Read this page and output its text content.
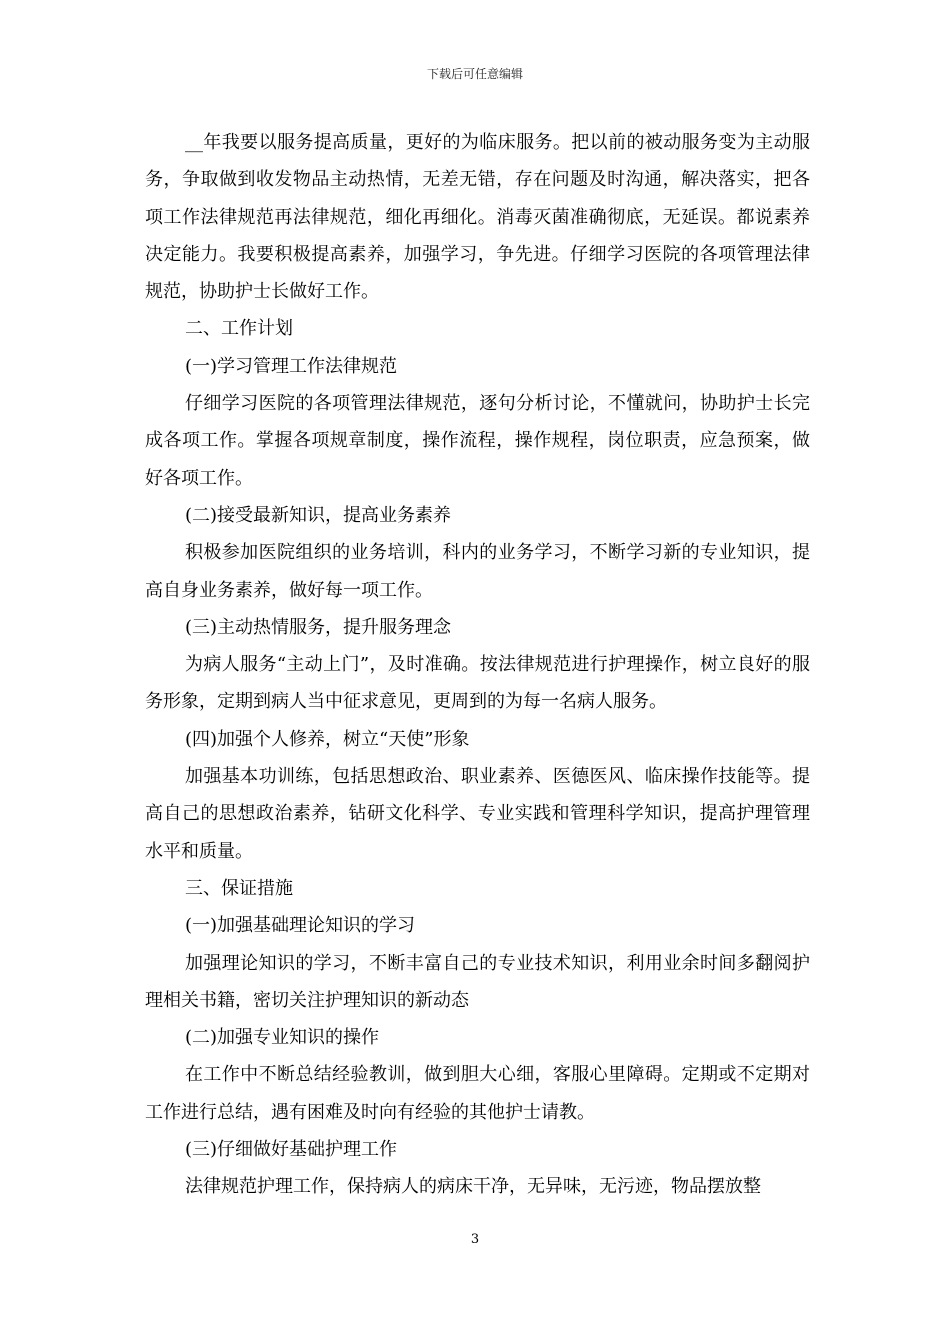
下载后可任意编辑

__年我要以服务提高质量，更好的为临床服务。把以前的被动服务变为主动服务，争取做到收发物品主动热情，无差无错，存在问题及时沟通，解决落实，把各项工作法律规范再法律规范，细化再细化。消毒灭菌准确彻底，无延误。都说素养决定能力。我要积极提高素养，加强学习，争先进。仔细学习医院的各项管理法律规范，协助护士长做好工作。

二、工作计划

(一)学习管理工作法律规范

仔细学习医院的各项管理法律规范，逐句分析讨论，不懂就问，协助护士长完成各项工作。掌握各项规章制度，操作流程，操作规程，岗位职责，应急预案，做好各项工作。

(二)接受最新知识，提高业务素养

积极参加医院组织的业务培训，科内的业务学习，不断学习新的专业知识，提高自身业务素养，做好每一项工作。

(三)主动热情服务，提升服务理念

为病人服务“主动上门”，及时准确。按法律规范进行护理操作，树立良好的服务形象，定期到病人当中征求意见，更周到的为每一名病人服务。

(四)加强个人修养，树立“天使”形象

加强基本功训练，包括思想政治、职业素养、医德医风、临床操作技能等。提高自己的思想政治素养，钻研文化科学、专业实践和管理科学知识，提高护理管理水平和质量。

三、保证措施

(一)加强基础理论知识的学习

加强理论知识的学习，不断丰富自己的专业技术知识，利用业余时间多翻阅护理相关书籍，密切关注护理知识的新动态

(二)加强专业知识的操作

在工作中不断总结经验教训，做到胆大心细，客服心里障碍。定期或不定期对工作进行总结，遇有困难及时向有经验的其他护士请教。

(三)仔细做好基础护理工作

法律规范护理工作，保持病人的病床干净，无异味，无污迹，物品摆放整

3
